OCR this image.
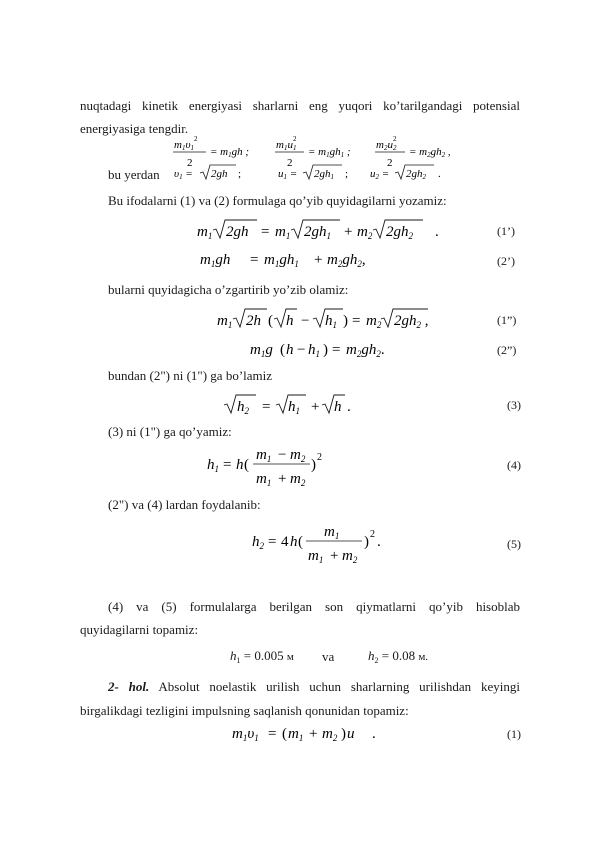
nuqtadagi kinetik energiyasi sharlarni eng yuqori ko’tarilgandagi potensial
energiyasiga tengdir.
m1υ1
2
2
= m1gh ;
m1u1
2
2
= m1gh1 ;
m2u2
2
2
= m2gh2 ,
bu yerdan υ1 = 2gh ;	u1 = 2gh1 ; u2 = 2gh2 .
Bu ifodalarni (1) va (2) formulaga qo’yib quyidagilarni yozamiz:
$m_1$ $2gh = m_1$ $2gh_1 + m_2$ $2gh_2$ .	(1’)
$m_1gh = m_1gh_1 + m_2gh_2$,	(2’)
bularni quyidagicha o’zgartirib yo’zib olamiz:
$m_1$ 2h ( $h - h_1$ ) = $m_2$ $2gh_2$ ,	(1”)
$m_1g$ ( $h - h_1$ ) = $m_2gh_2$.	(2”)
bundan (2") ni (1") ga bo’lamiz
$h_2 = h_1 + h$ .	(3)
(3) ni (1") ga qo’yamiz:
$h_1 = h$ (
$m_1 - m_2$
$m_1 + m_2$
) 2
(4)
(2") va (4) lardan foydalanib:
$h_2 = 4$ h (
$m_1$
$m_1 + m_2$
) 2 .	(5)
(4) va (5) formulalarga berilgan son qiymatlarni qo’yib hisoblab
quyidagilarni topamiz:
$h_1 = 0.005$ м va	$h_2 = 0.08$ м.
2- hol. Absolut noelastik urilish uchun sharlarning urilishdan keyingi
birgalikdagi tezligini impulsning saqlanish qonunidan topamiz:
$m_1\upsilon_1$ = ( $m_1 + m_2$ ) u .	(1)
